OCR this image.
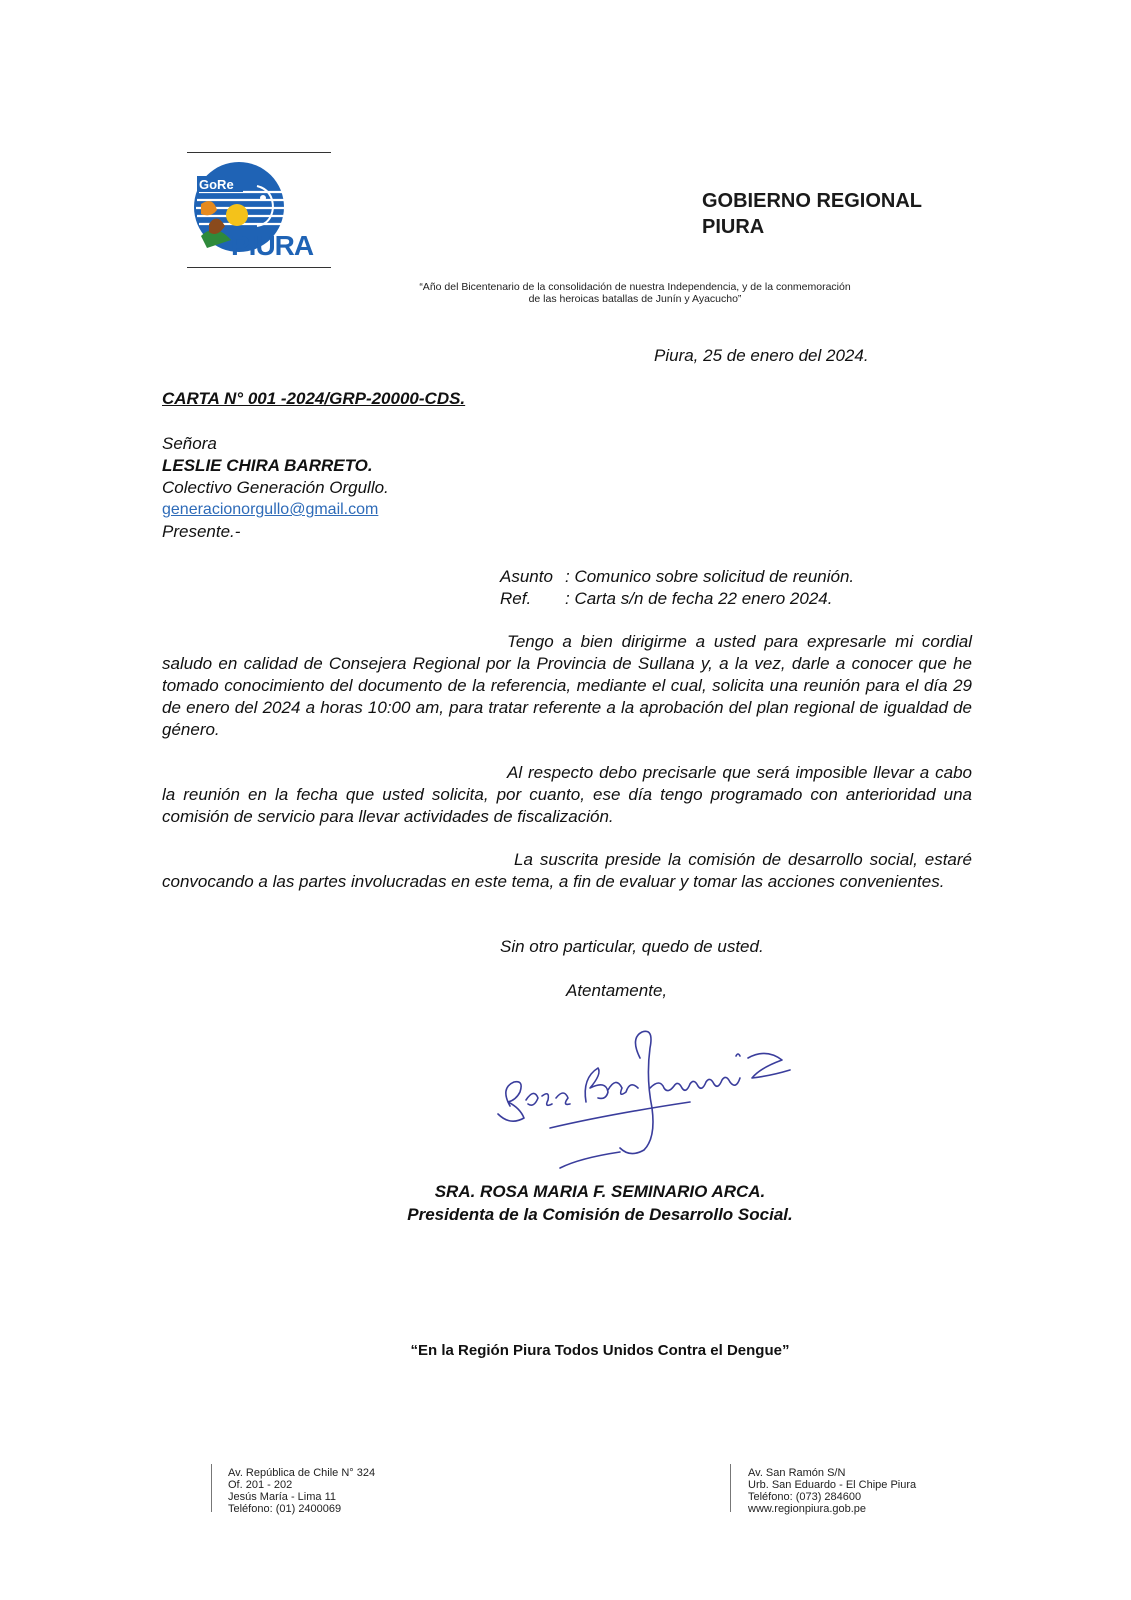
GoRe
PIURA
GOBIERNO REGIONAL
PIURA
“Año del Bicentenario de la consolidación de nuestra Independencia, y de la conmemoración
de las heroicas batallas de Junín y Ayacucho”
Piura, 25 de enero del 2024.
CARTA N° 001 -2024/GRP-20000-CDS.
Señora
LESLIE CHIRA BARRETO.
Colectivo Generación Orgullo.
generacionorgullo@gmail.com
Presente.-
Asunto : Comunico sobre solicitud de reunión.
Ref. : Carta s/n de fecha 22 enero 2024.
Tengo a bien dirigirme a usted para expresarle mi cordial saludo en calidad de Consejera Regional por la Provincia de Sullana y, a la vez, darle a conocer que he tomado conocimiento del documento de la referencia, mediante el cual, solicita una reunión para el día 29 de enero del 2024 a horas 10:00 am, para tratar referente a la aprobación del plan regional de igualdad de género.
Al respecto debo precisarle que será imposible llevar a cabo la reunión en la fecha que usted solicita, por cuanto, ese día tengo programado con anterioridad una comisión de servicio para llevar actividades de fiscalización.
La suscrita preside la comisión de desarrollo social, estaré convocando a las partes involucradas en este tema, a fin de evaluar y tomar las acciones convenientes.
Sin otro particular, quedo de usted.
Atentamente,
SRA. ROSA MARIA F. SEMINARIO ARCA.
Presidenta de la Comisión de Desarrollo Social.
“En la Región Piura Todos Unidos Contra el Dengue”
Av. República de Chile N° 324
Of. 201 - 202
Jesús María - Lima 11
Teléfono: (01) 2400069
Av. San Ramón S/N
Urb. San Eduardo - El Chipe Piura
Teléfono: (073) 284600
www.regionpiura.gob.pe
